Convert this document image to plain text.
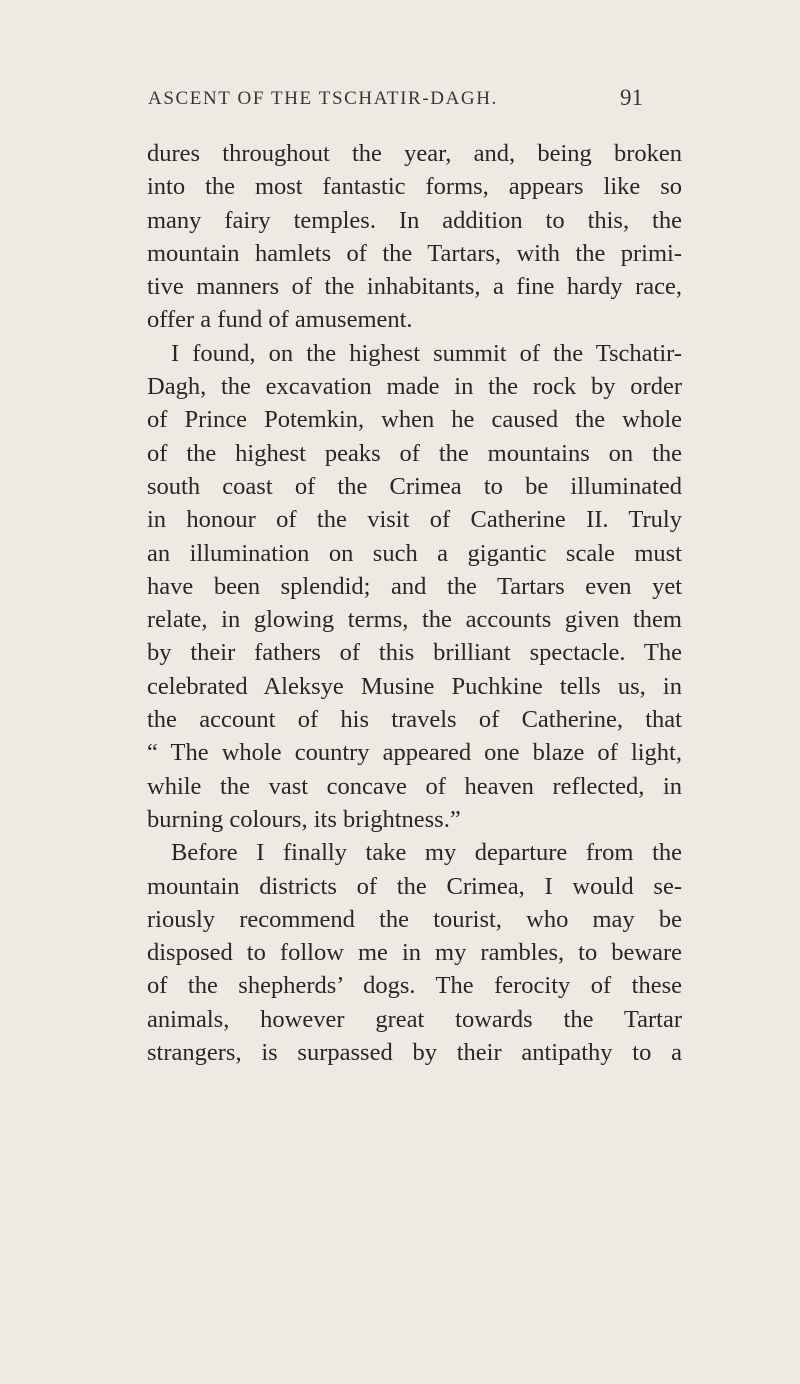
ASCENT OF THE TSCHATIR-DAGH.	91
dures throughout the year, and, being broken
into the most fantastic forms, appears like so
many fairy temples. In addition to this, the
mountain hamlets of the Tartars, with the primi-
tive manners of the inhabitants, a fine hardy race,
offer a fund of amusement.
I found, on the highest summit of the Tschatir-
Dagh, the excavation made in the rock by order
of Prince Potemkin, when he caused the whole
of the highest peaks of the mountains on the
south coast of the Crimea to be illuminated
in honour of the visit of Catherine II. Truly
an illumination on such a gigantic scale must
have been splendid; and the Tartars even yet
relate, in glowing terms, the accounts given them
by their fathers of this brilliant spectacle. The
celebrated Aleksye Musine Puchkine tells us, in
the account of his travels of Catherine, that
“ The whole country appeared one blaze of light,
while the vast concave of heaven reflected, in
burning colours, its brightness.”
Before I finally take my departure from the
mountain districts of the Crimea, I would se-
riously recommend the tourist, who may be
disposed to follow me in my rambles, to beware
of the shepherds’ dogs. The ferocity of these
animals, however great towards the Tartar
strangers, is surpassed by their antipathy to a
